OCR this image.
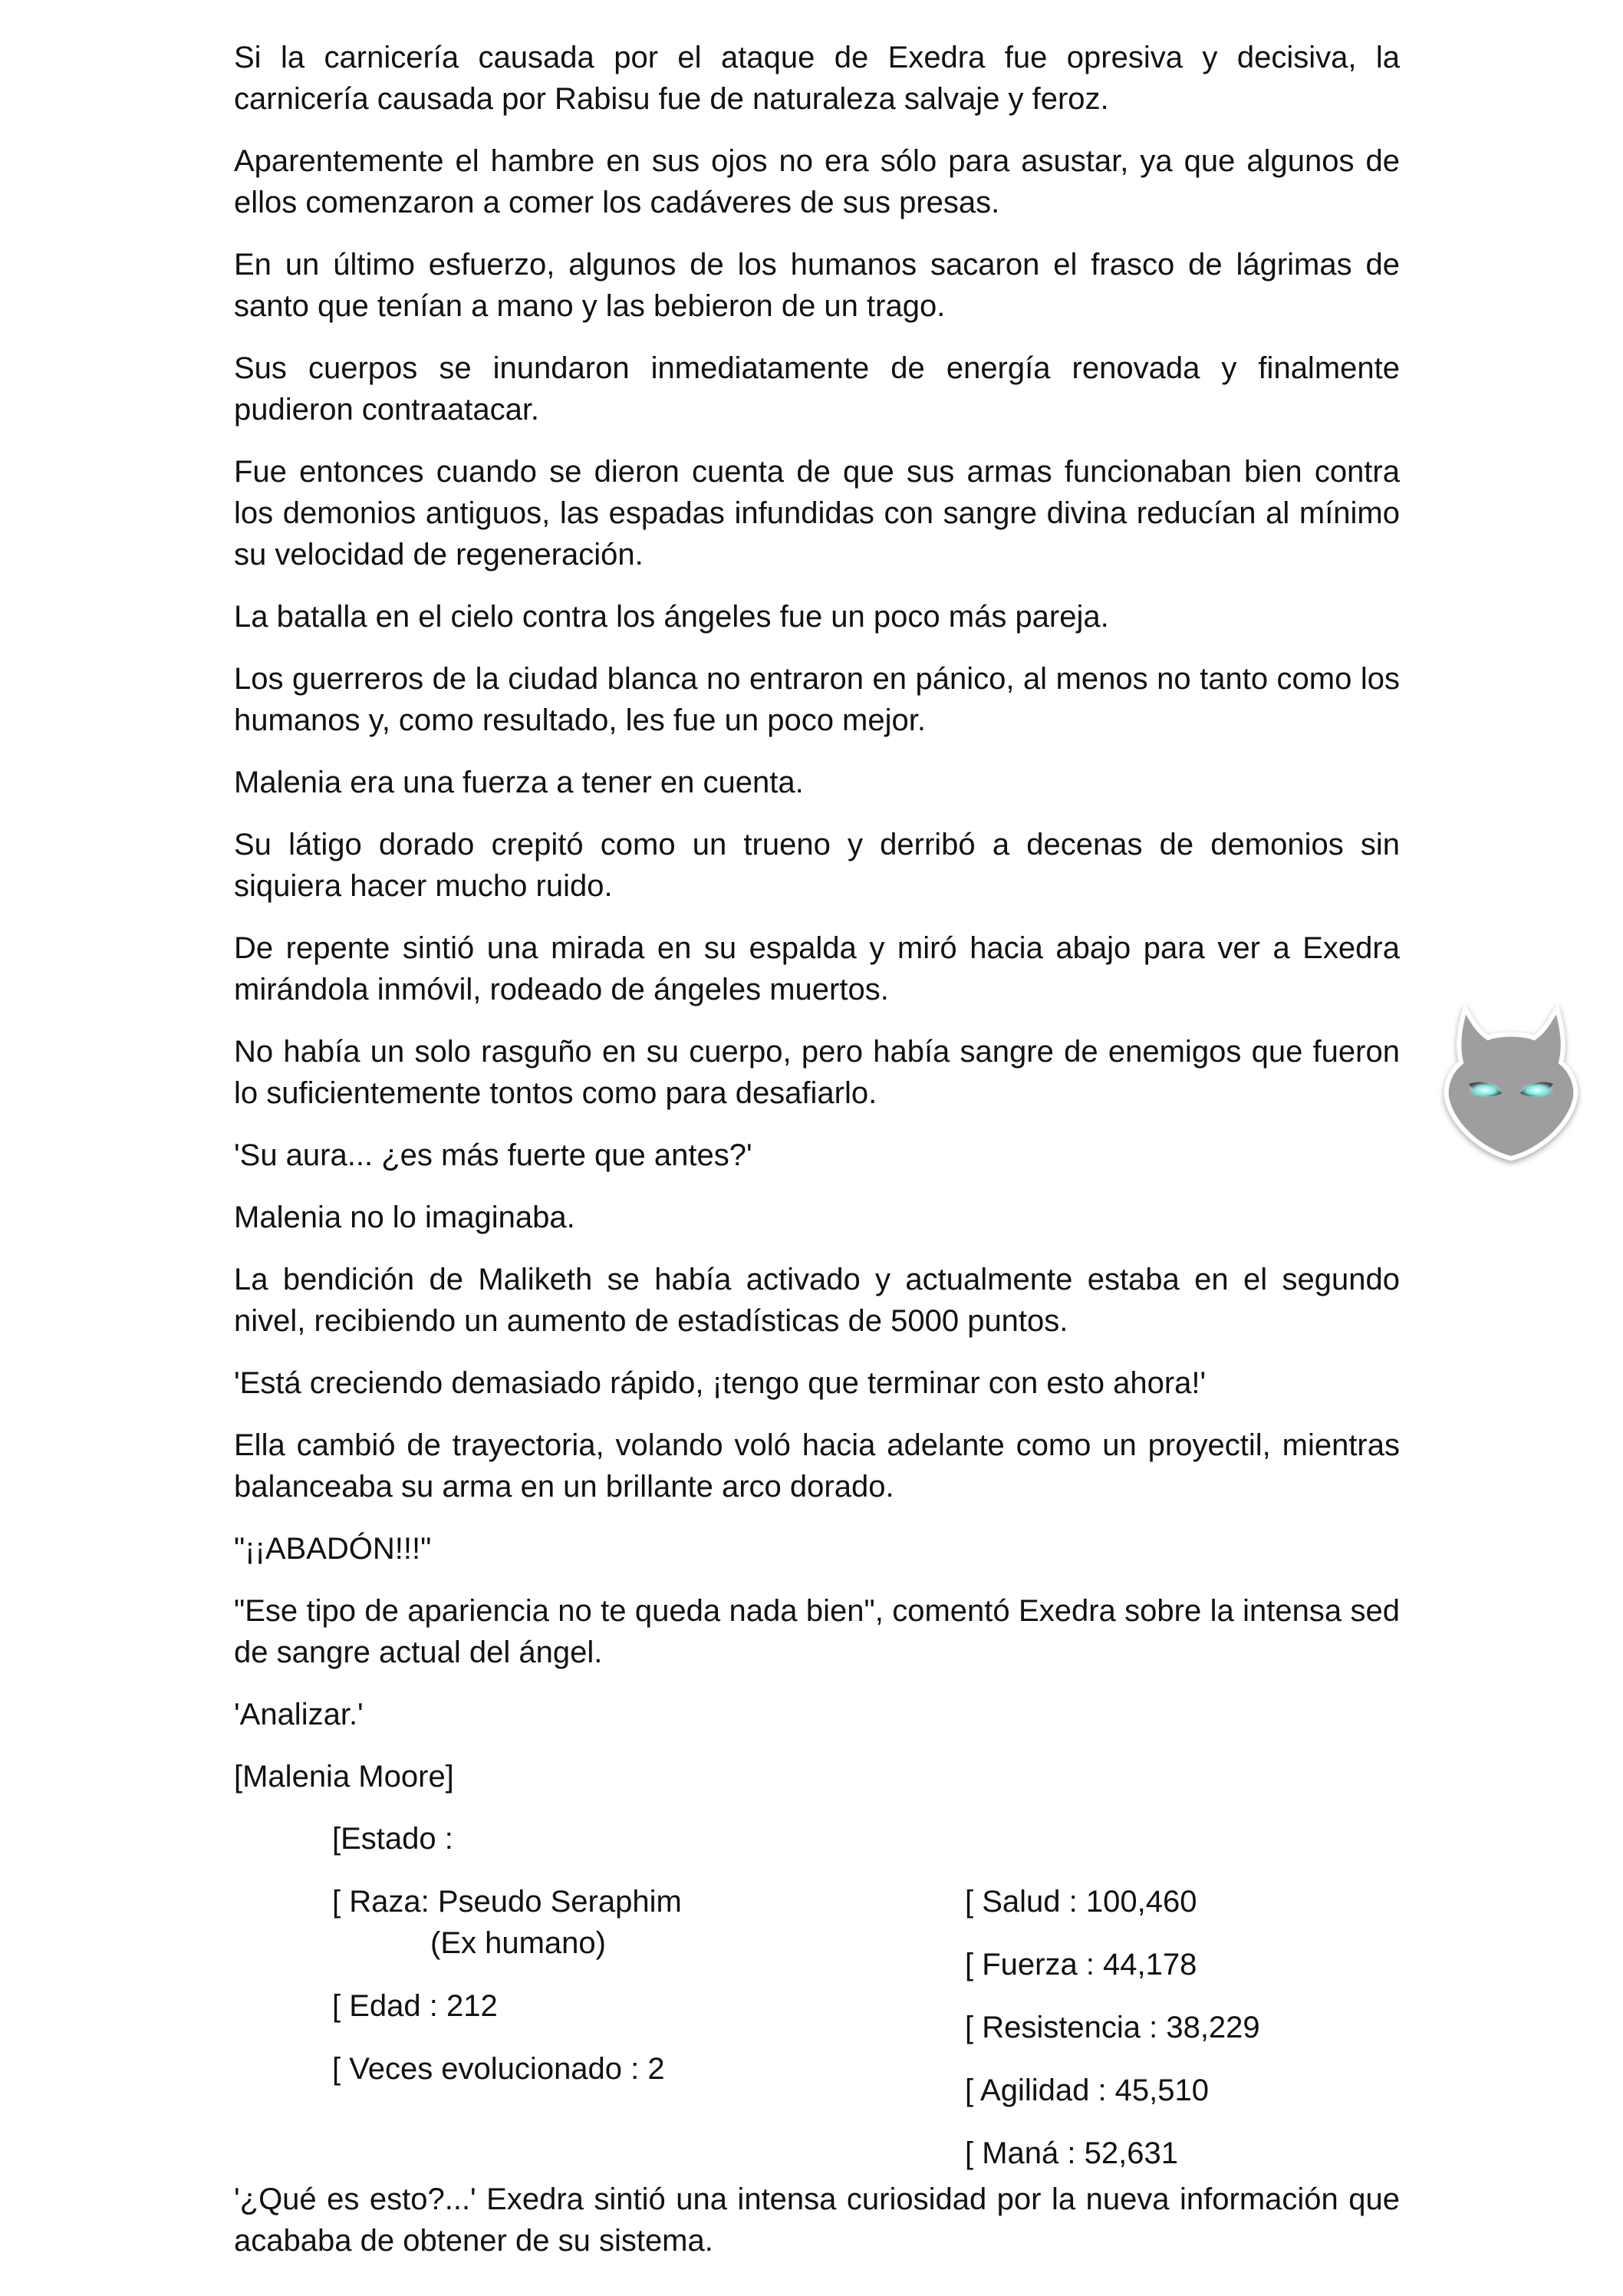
Si la carnicería causada por el ataque de Exedra fue opresiva y decisiva, la carnicería causada por Rabisu fue de naturaleza salvaje y feroz.

Aparentemente el hambre en sus ojos no era sólo para asustar, ya que algunos de ellos comenzaron a comer los cadáveres de sus presas.

En un último esfuerzo, algunos de los humanos sacaron el frasco de lágrimas de santo que tenían a mano y las bebieron de un trago.

Sus cuerpos se inundaron inmediatamente de energía renovada y finalmente pudieron contraatacar.

Fue entonces cuando se dieron cuenta de que sus armas funcionaban bien contra los demonios antiguos, las espadas infundidas con sangre divina reducían al mínimo su velocidad de regeneración.

La batalla en el cielo contra los ángeles fue un poco más pareja.

Los guerreros de la ciudad blanca no entraron en pánico, al menos no tanto como los humanos y, como resultado, les fue un poco mejor.

Malenia era una fuerza a tener en cuenta.

Su látigo dorado crepitó como un trueno y derribó a decenas de demonios sin siquiera hacer mucho ruido.

De repente sintió una mirada en su espalda y miró hacia abajo para ver a Exedra mirándola inmóvil, rodeado de ángeles muertos.

No había un solo rasguño en su cuerpo, pero había sangre de enemigos que fueron lo suficientemente tontos como para desafiarlo.

'Su aura... ¿es más fuerte que antes?'

Malenia no lo imaginaba.

La bendición de Maliketh se había activado y actualmente estaba en el segundo nivel, recibiendo un aumento de estadísticas de 5000 puntos.

'Está creciendo demasiado rápido, ¡tengo que terminar con esto ahora!'

Ella cambió de trayectoria, volando voló hacia adelante como un proyectil, mientras balanceaba su arma en un brillante arco dorado.

"¡¡ABADÓN!!!"

"Ese tipo de apariencia no te queda nada bien", comentó Exedra sobre la intensa sed de sangre actual del ángel.

'Analizar.'

[Malenia Moore]

[Estado :
[ Raza: Pseudo Seraphim
(Ex humano)
[ Edad : 212
[ Veces evolucionado : 2
[ Salud : 100,460
[ Fuerza : 44,178
[ Resistencia : 38,229
[ Agilidad : 45,510
[ Maná : 52,631

'¿Qué es esto?...' Exedra sintió una intensa curiosidad por la nueva información que acababa de obtener de su sistema.
